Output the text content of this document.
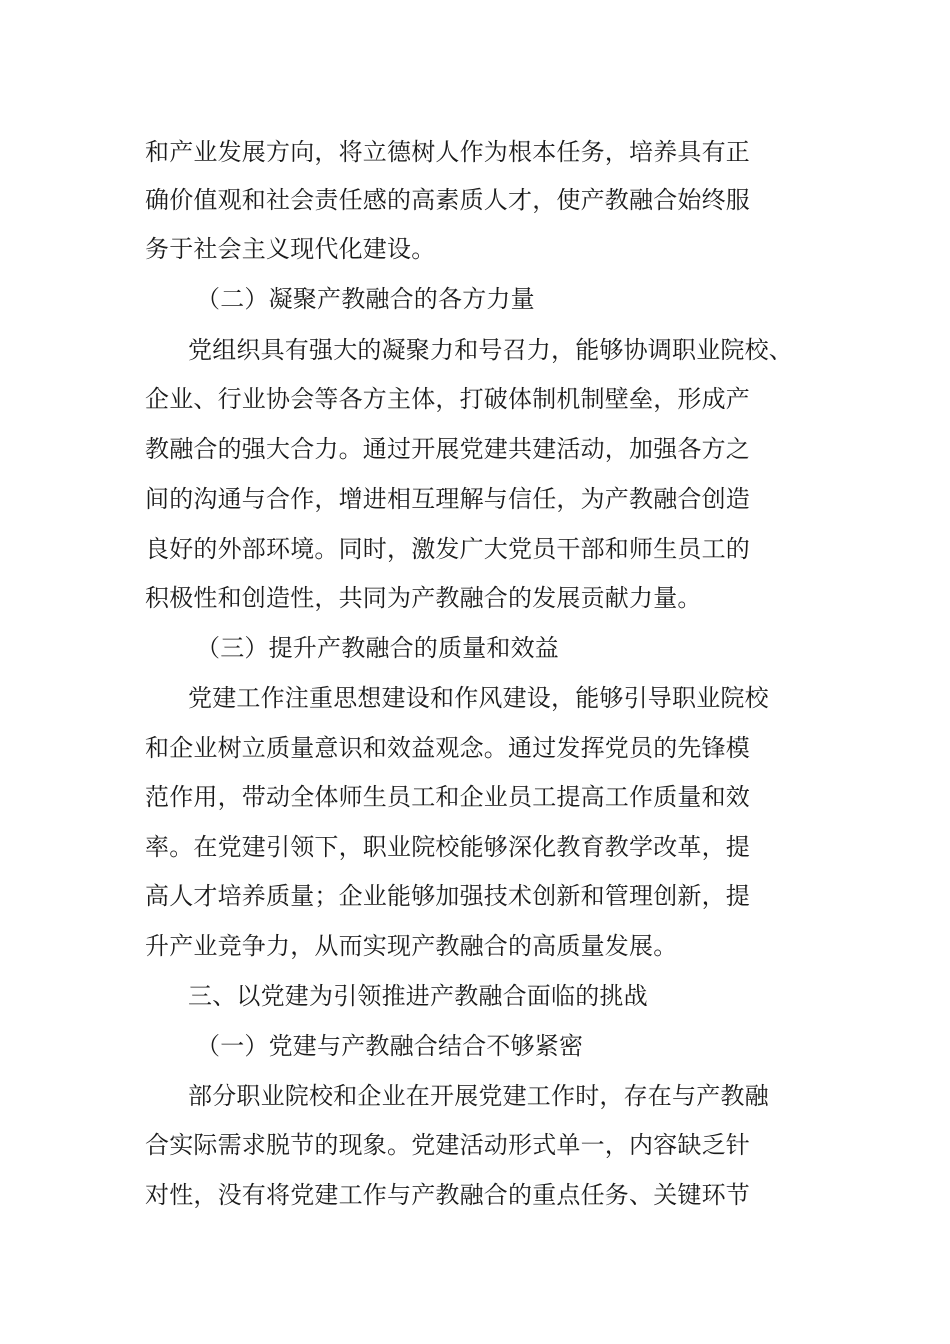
和产业发展方向，将立德树人作为根本任务，培养具有正
确价值观和社会责任感的高素质人才，使产教融合始终服
务于社会主义现代化建设。
（二）凝聚产教融合的各方力量
党组织具有强大的凝聚力和号召力，能够协调职业院校、
企业、行业协会等各方主体，打破体制机制壁垒，形成产
教融合的强大合力。通过开展党建共建活动，加强各方之
间的沟通与合作，增进相互理解与信任，为产教融合创造
良好的外部环境。同时，激发广大党员干部和师生员工的
积极性和创造性，共同为产教融合的发展贡献力量。
（三）提升产教融合的质量和效益
党建工作注重思想建设和作风建设，能够引导职业院校
和企业树立质量意识和效益观念。通过发挥党员的先锋模
范作用，带动全体师生员工和企业员工提高工作质量和效
率。在党建引领下，职业院校能够深化教育教学改革，提
高人才培养质量；企业能够加强技术创新和管理创新，提
升产业竞争力，从而实现产教融合的高质量发展。
三、以党建为引领推进产教融合面临的挑战
（一）党建与产教融合结合不够紧密
部分职业院校和企业在开展党建工作时，存在与产教融
合实际需求脱节的现象。党建活动形式单一，内容缺乏针
对性，没有将党建工作与产教融合的重点任务、关键环节
